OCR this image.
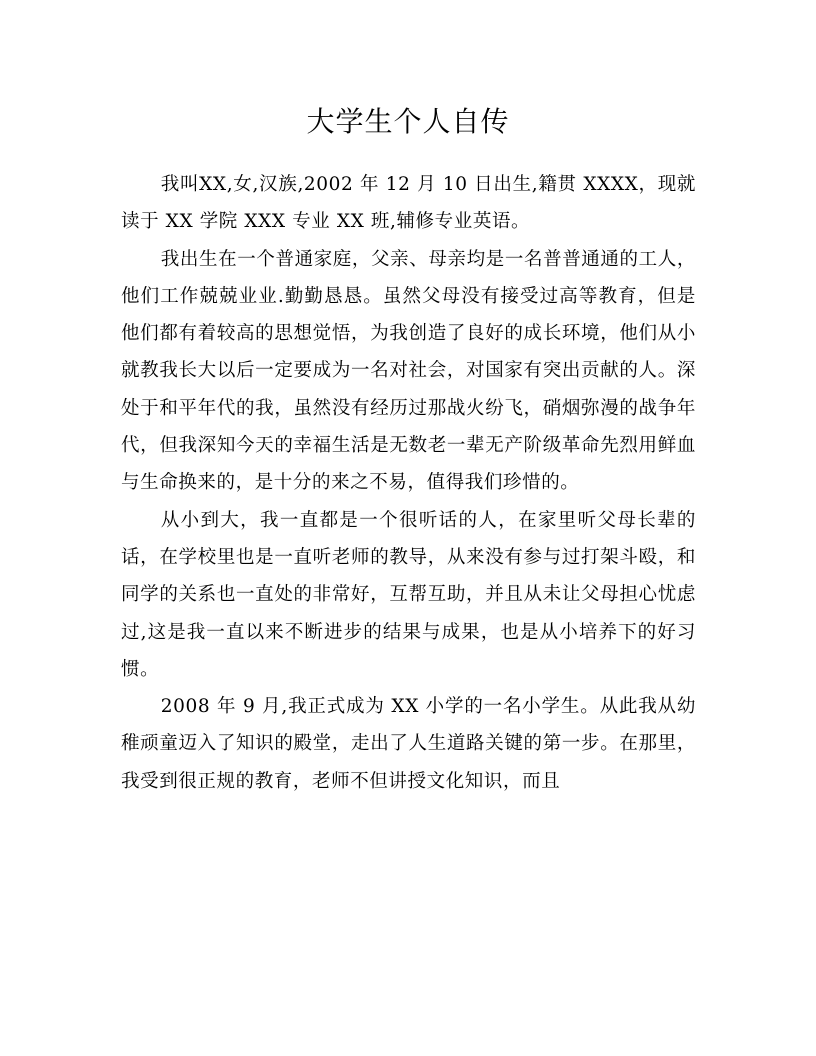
大学生个人自传

我叫XX,女,汉族,2002 年 12 月 10 日出生,籍贯 XXXX，现就读于 XX 学院 XXX 专业 XX 班,辅修专业英语。

我出生在一个普通家庭，父亲、母亲均是一名普普通通的工人，他们工作兢兢业业.勤勤恳恳。虽然父母没有接受过高等教育，但是他们都有着较高的思想觉悟，为我创造了良好的成长环境，他们从小就教我长大以后一定要成为一名对社会，对国家有突出贡献的人。深处于和平年代的我，虽然没有经历过那战火纷飞，硝烟弥漫的战争年代，但我深知今天的幸福生活是无数老一辈无产阶级革命先烈用鲜血与生命换来的，是十分的来之不易，值得我们珍惜的。

从小到大，我一直都是一个很听话的人，在家里听父母长辈的话，在学校里也是一直听老师的教导，从来没有参与过打架斗殴，和同学的关系也一直处的非常好，互帮互助，并且从未让父母担心忧虑过,这是我一直以来不断进步的结果与成果，也是从小培养下的好习惯。

2008 年 9 月,我正式成为 XX 小学的一名小学生。从此我从幼稚顽童迈入了知识的殿堂，走出了人生道路关键的第一步。在那里，我受到很正规的教育，老师不但讲授文化知识，而且
